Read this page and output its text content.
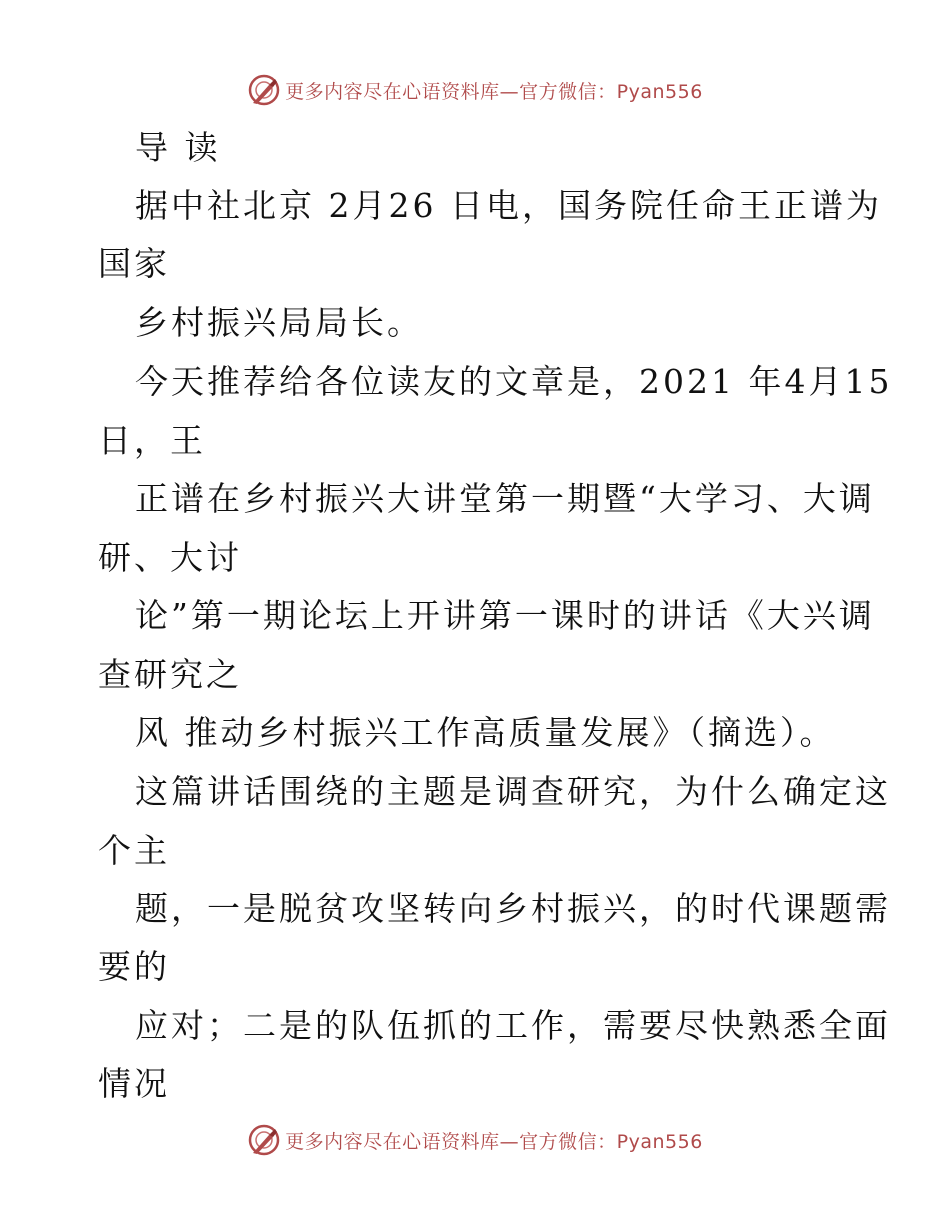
更多内容尽在心语资料库—官方微信：Pyan556
导 读
据中社北京 2月26 日电，国务院任命王正谱为
国家
乡村振兴局局长。
今天推荐给各位读友的文章是，2021 年4月15
日，王
正谱在乡村振兴大讲堂第一期暨“大学习、大调
研、大讨
论”第一期论坛上开讲第一课时的讲话《大兴调
查研究之
风 推动乡村振兴工作高质量发展》（摘选）。
这篇讲话围绕的主题是调查研究，为什么确定这
个主
题，一是脱贫攻坚转向乡村振兴，的时代课题需
要的
应对；二是的队伍抓的工作，需要尽快熟悉全面
情况
更多内容尽在心语资料库—官方微信：Pyan556
